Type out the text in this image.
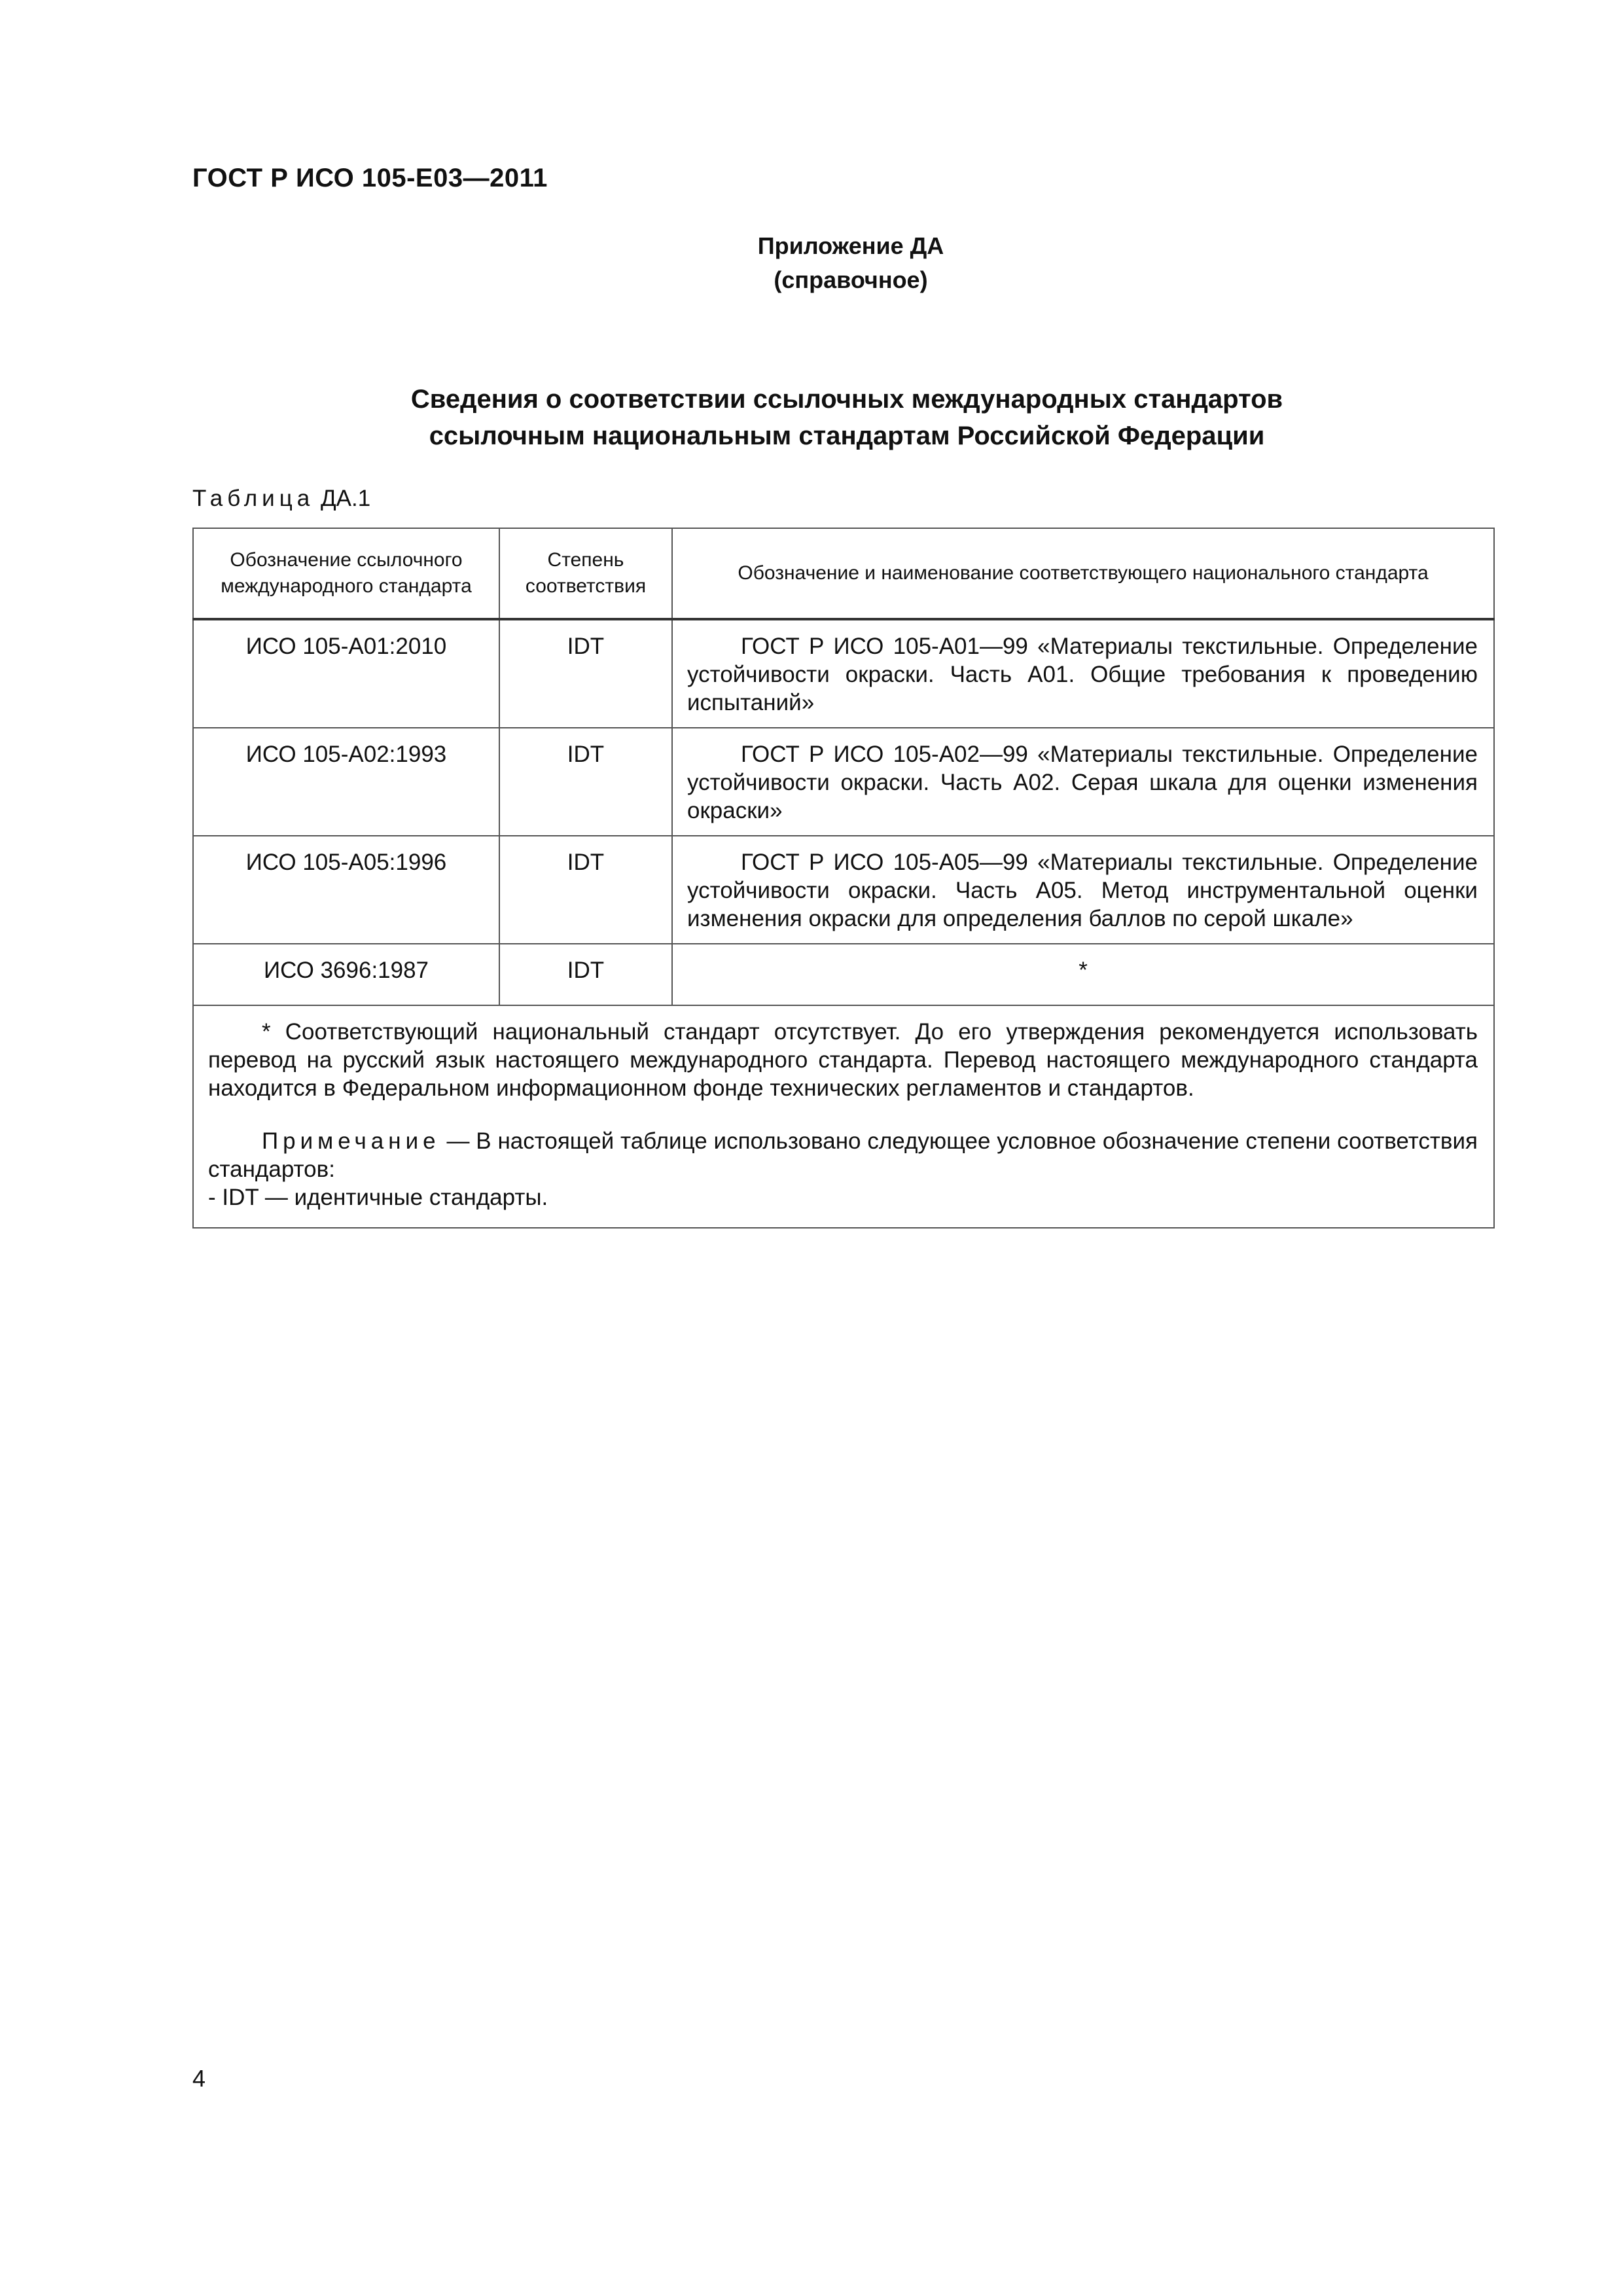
ГОСТ Р ИСО 105-Е03—2011
Приложение ДА
(справочное)
Сведения о соответствии ссылочных международных стандартов
ссылочным национальным стандартам Российской Федерации
Таблица ДА.1
Обозначение ссылочного международного стандарта	Степень соответствия	Обозначение и наименование соответствующего национального стандарта
ИСО 105-А01:2010	IDT	ГОСТ Р ИСО 105-А01—99 «Материалы текстильные. Определение устойчивости окраски. Часть А01. Общие требования к проведению испытаний»
ИСО 105-А02:1993	IDT	ГОСТ Р ИСО 105-А02—99 «Материалы текстильные. Определение устойчивости окраски. Часть А02. Серая шкала для оценки изменения окраски»
ИСО 105-А05:1996	IDT	ГОСТ Р ИСО 105-А05—99 «Материалы текстильные. Определение устойчивости окраски. Часть А05. Метод инструментальной оценки изменения окраски для определения баллов по серой шкале»
ИСО 3696:1987	IDT	*

* Соответствующий национальный стандарт отсутствует. До его утверждения рекомендуется использовать перевод на русский язык настоящего международного стандарта. Перевод настоящего международного стандарта находится в Федеральном информационном фонде технических регламентов и стандартов.

Примечание — В настоящей таблице использовано следующее условное обозначение степени соответствия стандартов:

- IDT — идентичные стандарты.		

4
